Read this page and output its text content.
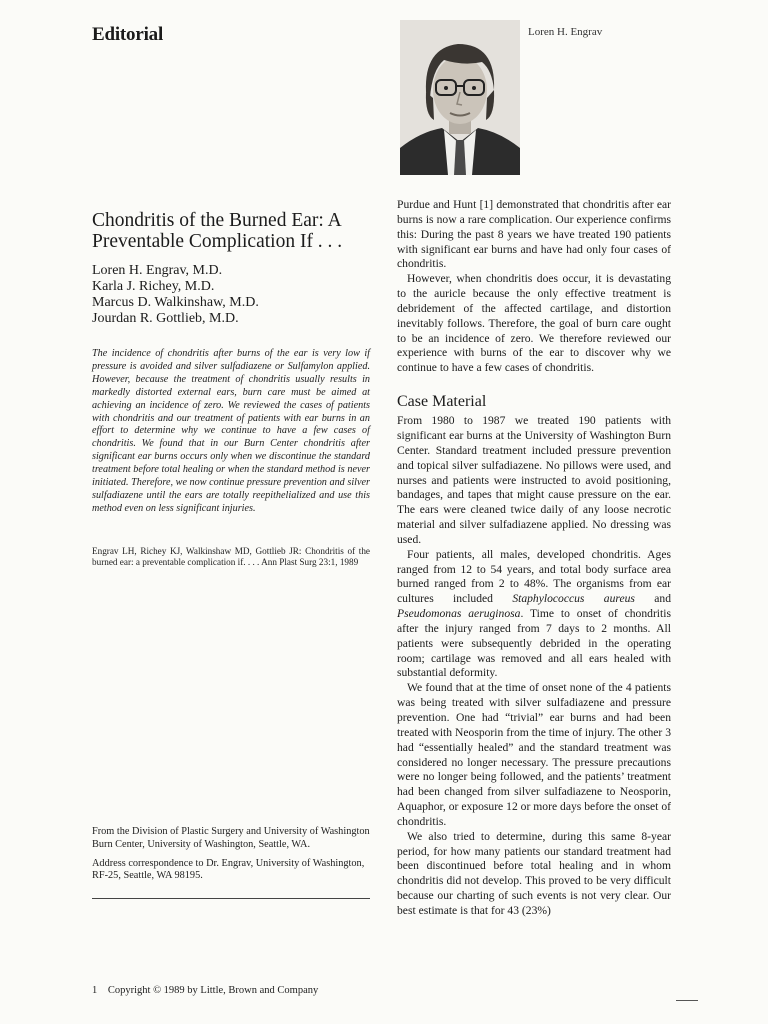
Editorial	Loren H. Engrav
Chondritis of the Burned Ear: A Preventable Complication If . . .
Loren H. Engrav, M.D.
Karla J. Richey, M.D.
Marcus D. Walkinshaw, M.D.
Jourdan R. Gottlieb, M.D.
The incidence of chondritis after burns of the ear is very low if pressure is avoided and silver sulfadiazene or Sulfamylon applied. However, because the treatment of chondritis usually results in markedly distorted external ears, burn care must be aimed at achieving an incidence of zero. We reviewed the cases of patients with chondritis and our treatment of patients with ear burns in an effort to determine why we continue to have a few cases of chondritis. We found that in our Burn Center chondritis after significant ear burns occurs only when we discontinue the standard treatment before total healing or when the standard method is never initiated. Therefore, we now continue pressure prevention and silver sulfadiazene until the ears are totally reepithelialized and use this method even on less significant injuries.
Engrav LH, Richey KJ, Walkinshaw MD, Gottlieb JR: Chondritis of the burned ear: a preventable complication if. . . . Ann Plast Surg 23:1, 1989

From the Division of Plastic Surgery and University of Washington Burn Center, University of Washington, Seattle, WA.

Address correspondence to Dr. Engrav, University of Washington, RF-25, Seattle, WA 98195.

Purdue and Hunt [1] demonstrated that chondritis after ear burns is now a rare complication. Our experience confirms this: During the past 8 years we have treated 190 patients with significant ear burns and have had only four cases of chondritis.

However, when chondritis does occur, it is devastating to the auricle because the only effective treatment is debridement of the affected cartilage, and distortion inevitably follows. Therefore, the goal of burn care ought to be an incidence of zero. We therefore reviewed our experience with burns of the ear to discover why we continue to have a few cases of chondritis.

Case Material

From 1980 to 1987 we treated 190 patients with significant ear burns at the University of Washington Burn Center. Standard treatment included pressure prevention and topical silver sulfadiazene. No pillows were used, and nurses and patients were instructed to avoid positioning, bandages, and tapes that might cause pressure on the ear. The ears were cleaned twice daily of any loose necrotic material and silver sulfadiazene applied. No dressing was used.

Four patients, all males, developed chondritis. Ages ranged from 12 to 54 years, and total body surface area burned ranged from 2 to 48%. The organisms from ear cultures included Staphylococcus aureus and Pseudomonas aeruginosa. Time to onset of chondritis after the injury ranged from 7 days to 2 months. All patients were subsequently debrided in the operating room; cartilage was removed and all ears healed with substantial deformity.

We found that at the time of onset none of the 4 patients was being treated with silver sulfadiazene and pressure prevention. One had “trivial” ear burns and had been treated with Neosporin from the time of injury. The other 3 had “essentially healed” and the standard treatment was considered no longer necessary. The pressure precautions were no longer being followed, and the patients’ treatment had been changed from silver sulfadiazene to Neosporin, Aquaphor, or exposure 12 or more days before the onset of chondritis.

We also tried to determine, during this same 8-year period, for how many patients our standard treatment had been discontinued before total healing and in whom chondritis did not develop. This proved to be very difficult because our charting of such events is not very clear. Our best estimate is that for 43 (23%)

1 Copyright © 1989 by Little, Brown and Company
